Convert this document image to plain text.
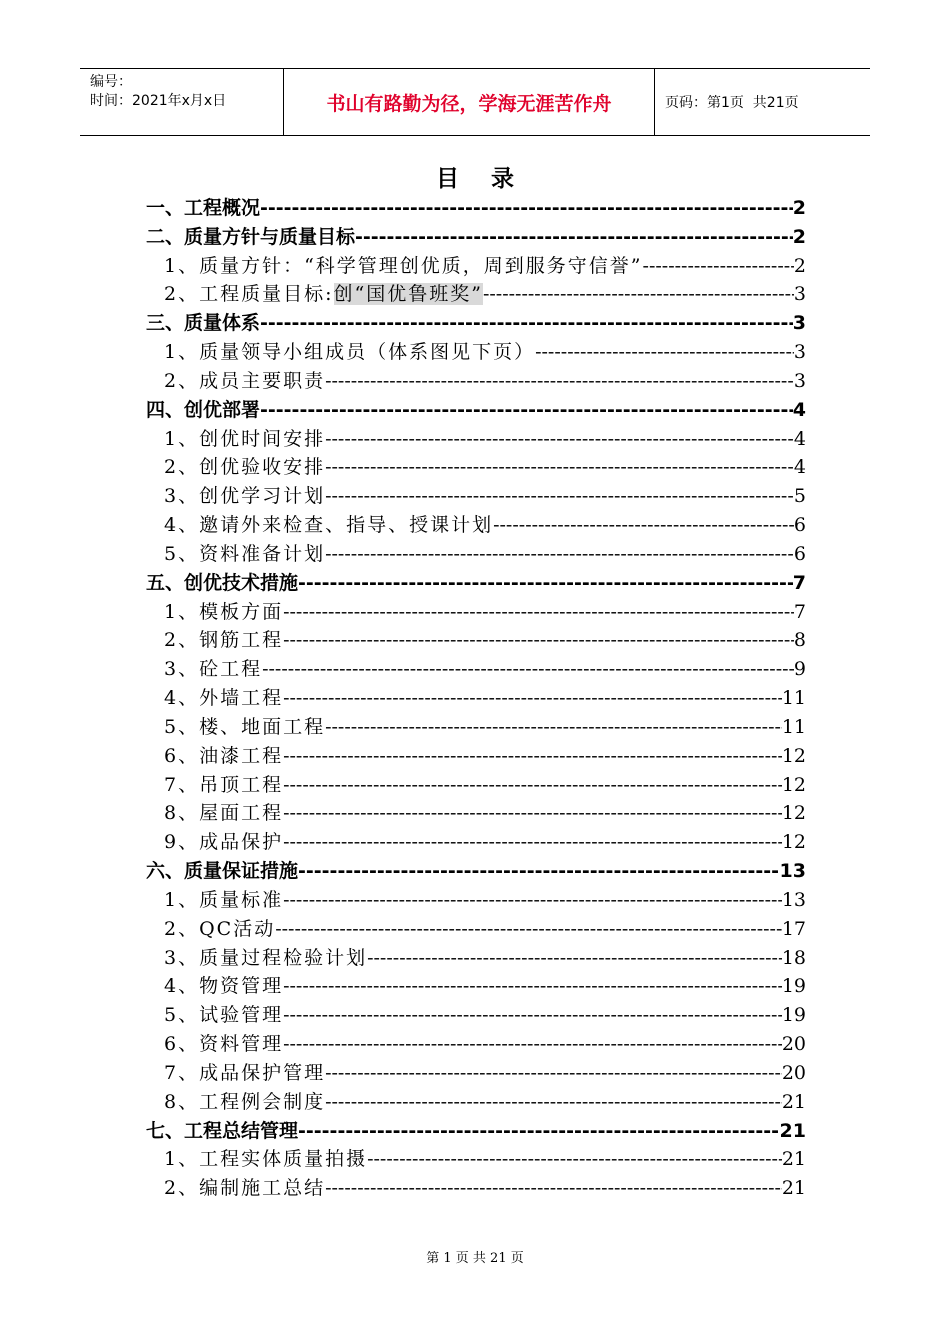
编号：
时间：2021年x月x日	书山有路勤为径，学海无涯苦作舟	页码：第1页  共21页
目    录
一、工程概况 -----	2
二、质量方针与质量目标 -----	2
1、质量方针：“科学管理创优质，周到服务守信誉” -----	2
2、工程质量目标:创“国优鲁班奖” -----	3
三、质量体系 -----	3
1、质量领导小组成员（体系图见下页） -----	3
2、成员主要职责 -----	3
四、创优部署 -----	4
1、创优时间安排 -----	4
2、创优验收安排 -----	4
3、创优学习计划 -----	5
4、邀请外来检查、指导、授课计划 -----	6
5、资料准备计划 -----	6
五、创优技术措施 -----	7
1、模板方面 -----	7
2、钢筋工程 -----	8
3、砼工程 -----	9
4、外墙工程 -----	11
5、楼、地面工程 -----	11
6、油漆工程 -----	12
7、吊顶工程 -----	12
8、屋面工程 -----	12
9、成品保护 -----	12
六、质量保证措施 -----	13
1、质量标准 -----	13
2、QC活动 -----	17
3、质量过程检验计划 -----	18
4、物资管理 -----	19
5、试验管理 -----	19
6、资料管理 -----	20
7、成品保护管理 -----	20
8、工程例会制度 -----	21
七、工程总结管理 -----	21
1、工程实体质量拍摄 -----	21
2、编制施工总结 -----	21
第 1 页 共 21 页
